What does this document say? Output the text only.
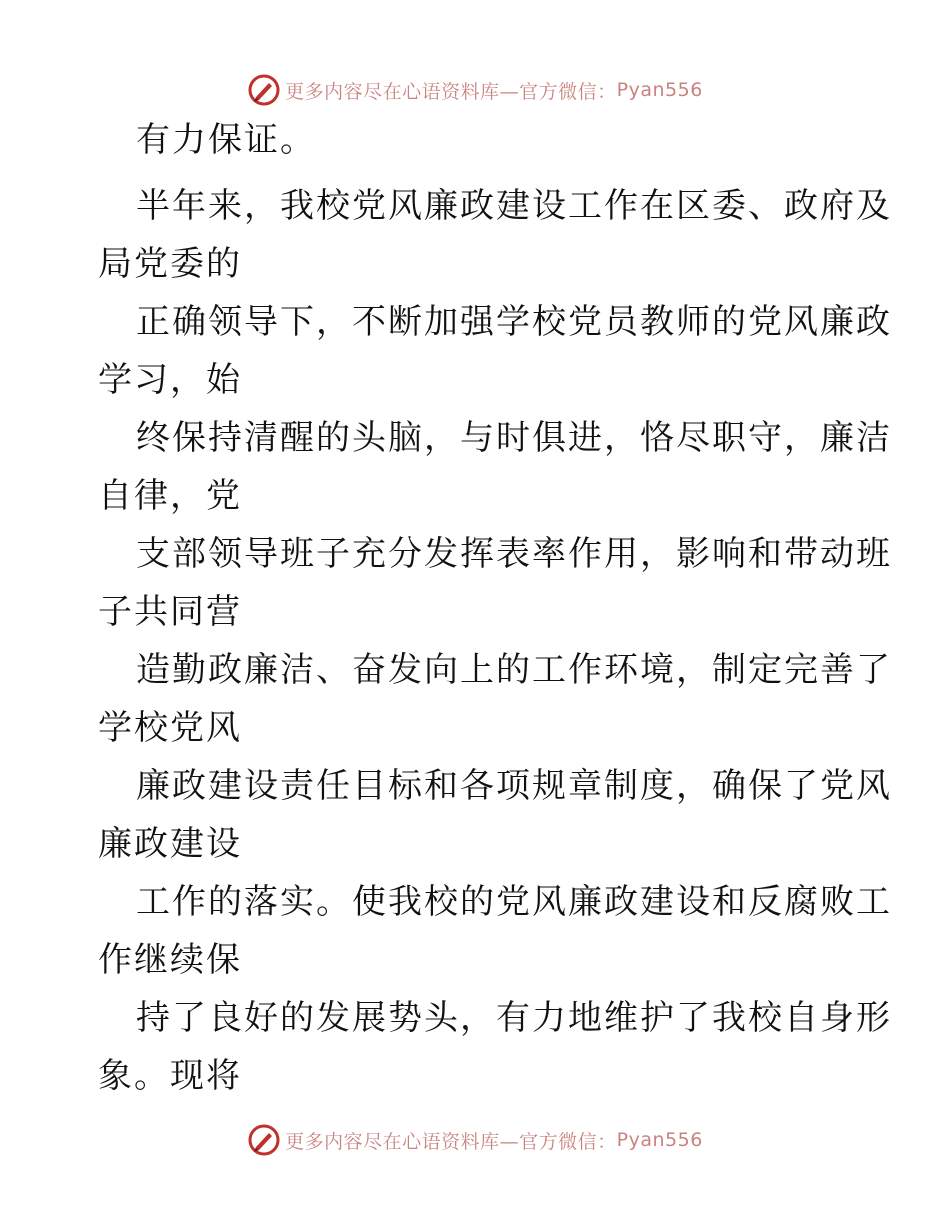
更多内容尽在心语资料库—官方微信： Pyan556
有力保证。
半年来，我校党风廉政建设工作在区委、政府及
局党委的
正确领导下，不断加强学校党员教师的党风廉政
学习，始
终保持清醒的头脑，与时俱进，恪尽职守，廉洁
自律，党
支部领导班子充分发挥表率作用，影响和带动班
子共同营
造勤政廉洁、奋发向上的工作环境，制定完善了
学校党风
廉政建设责任目标和各项规章制度，确保了党风
廉政建设
工作的落实。使我校的党风廉政建设和反腐败工
作继续保
持了良好的发展势头，有力地维护了我校自身形
象。现将
更多内容尽在心语资料库—官方微信： Pyan556
